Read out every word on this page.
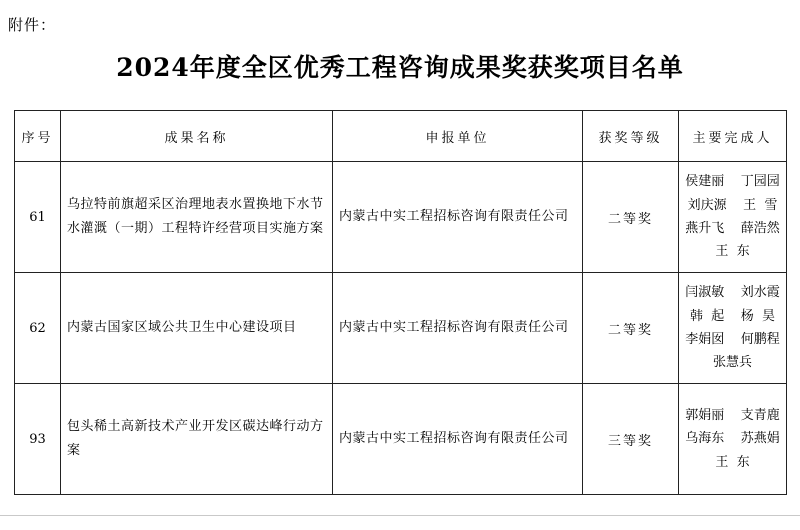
附件：
2024年度全区优秀工程咨询成果奖获奖项目名单
序号	成果名称	申报单位	获奖等级	主要完成人
61	乌拉特前旗超采区治理地表水置换地下水节水灌溉（一期）工程特许经营项目实施方案	内蒙古中实工程招标咨询有限责任公司	二等奖	侯建丽    丁园园
刘庆源    王  雪
燕升飞    薛浩然
王  东

62	内蒙古国家区域公共卫生中心建设项目	内蒙古中实工程招标咨询有限责任公司	二等奖	闫淑敏    刘水霞
韩  起    杨  昊
李娟囡    何鹏程
张慧兵

93	包头稀土高新技术产业开发区碳达峰行动方案	内蒙古中实工程招标咨询有限责任公司	三等奖	郭娟丽    支青鹿
乌海东    苏燕娟
王  东
